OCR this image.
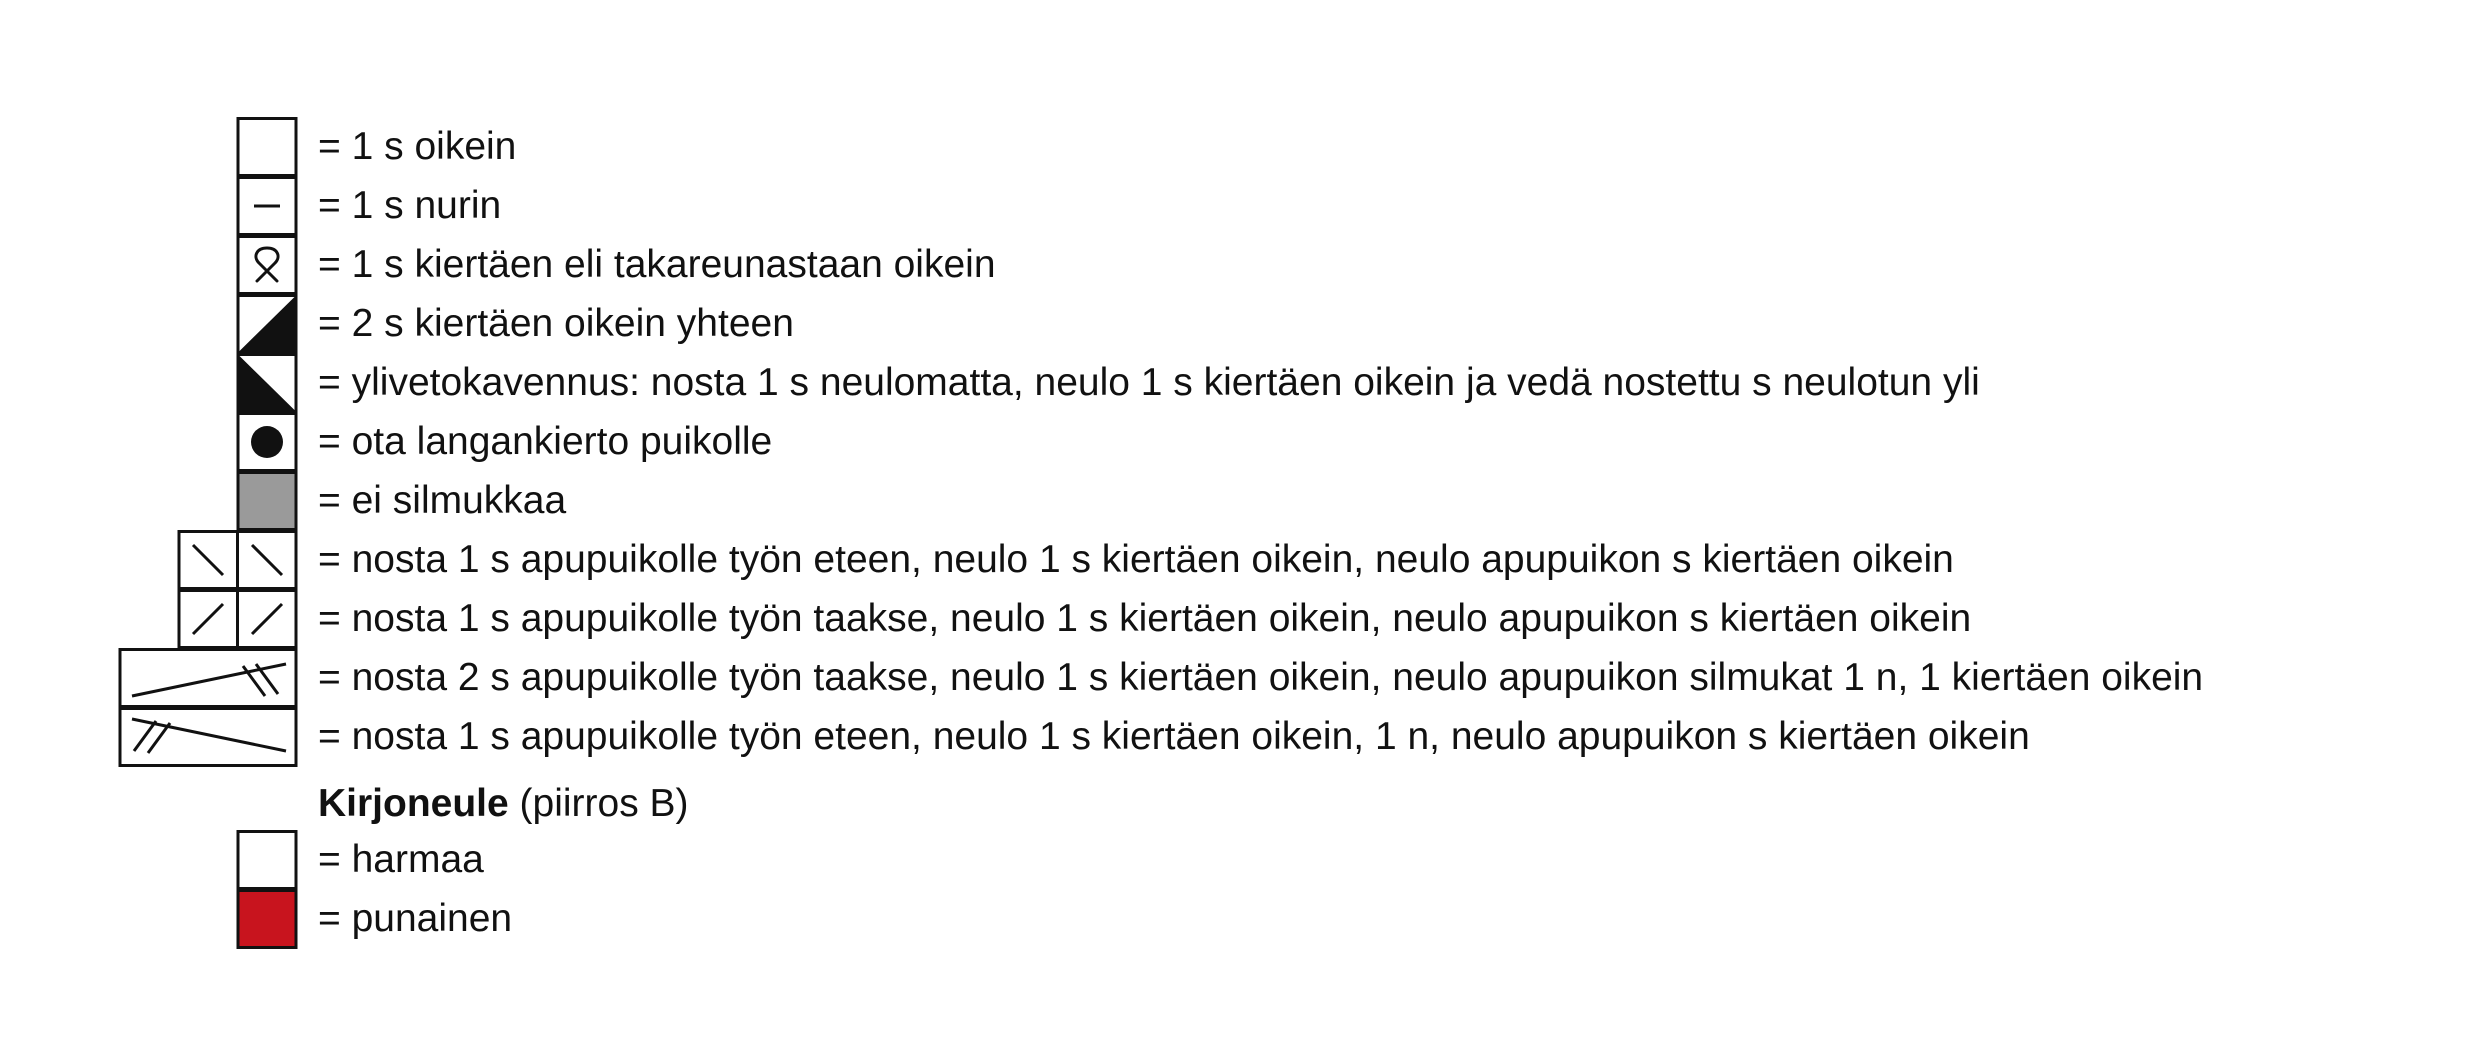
= 1 s oikein
= 1 s nurin
= 1 s kiertäen eli takareunastaan oikein
= 2 s kiertäen oikein yhteen
= ylivetokavennus: nosta 1 s neulomatta, neulo 1 s kiertäen oikein ja vedä nostettu s neulotun yli
= ota langankierto puikolle
= ei silmukkaa
= nosta 1 s apupuikolle työn eteen, neulo 1 s kiertäen oikein, neulo apupuikon s kiertäen oikein
= nosta 1 s apupuikolle työn taakse, neulo 1 s kiertäen oikein, neulo apupuikon s kiertäen oikein
= nosta 2 s apupuikolle työn taakse, neulo 1 s kiertäen oikein, neulo apupuikon silmukat 1 n, 1 kiertäen oikein
= nosta 1 s apupuikolle työn eteen, neulo 1 s kiertäen oikein, 1 n, neulo apupuikon s kiertäen oikein
Kirjoneule (piirros B)
= harmaa
= punainen
